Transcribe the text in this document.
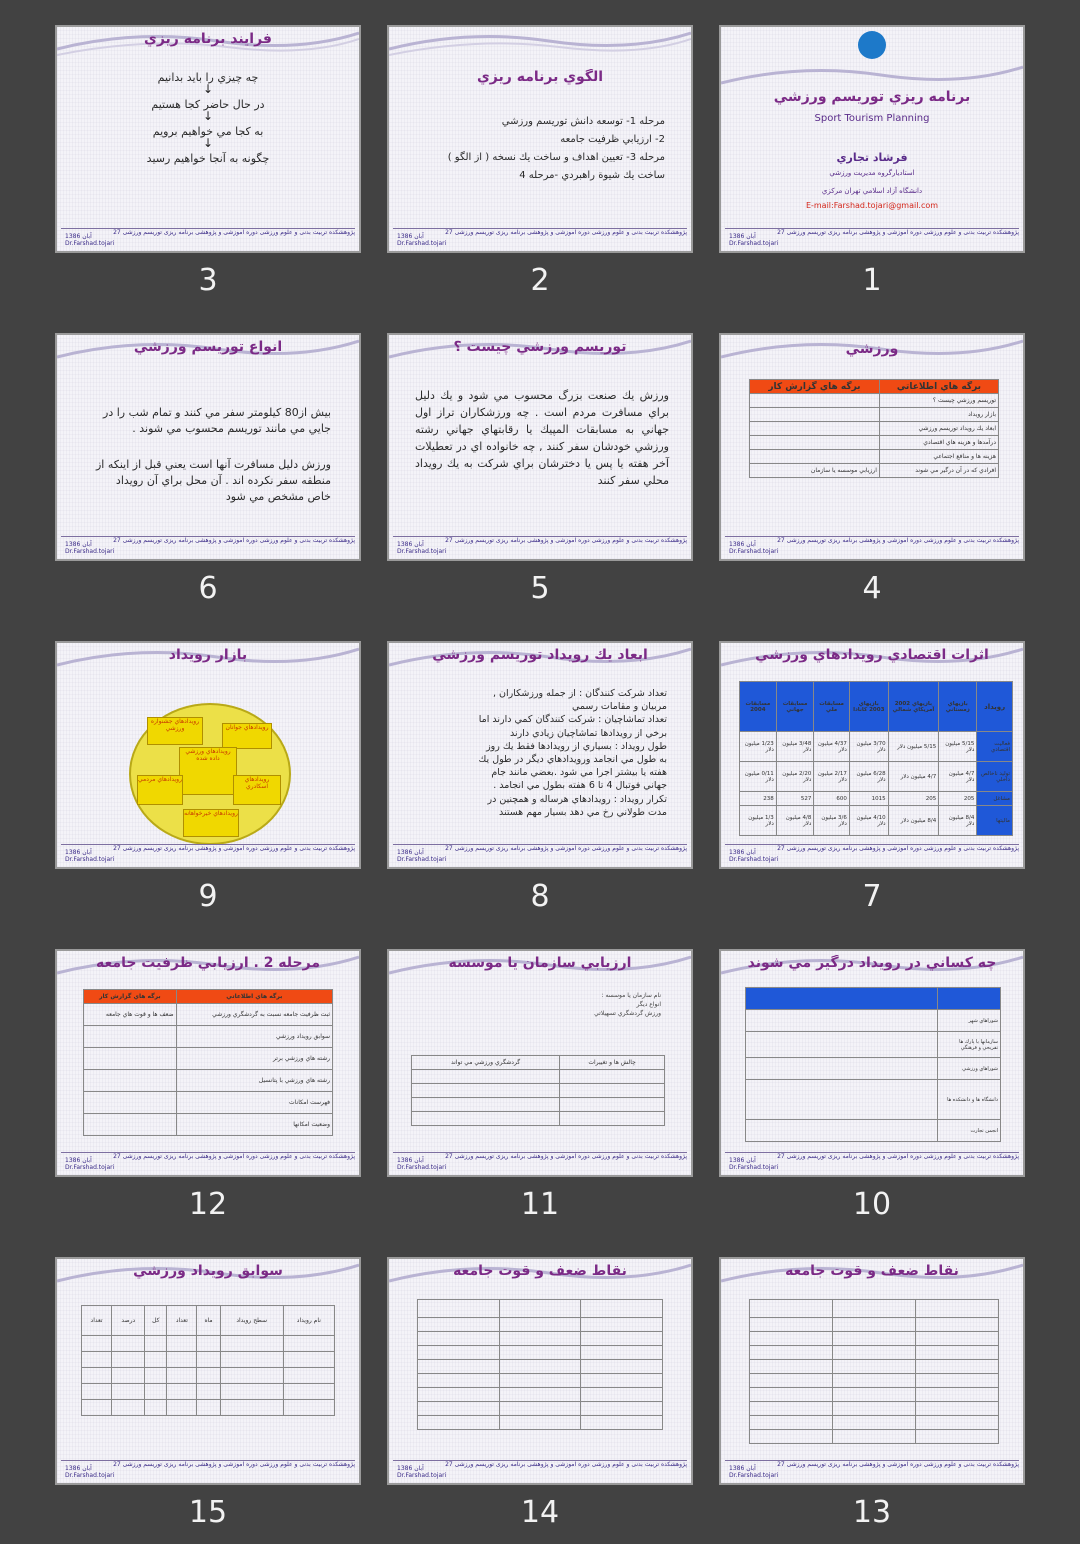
فرایند برنامه ريزي
چه چيزي را بايد بدانيم
↓
در حال حاضر كجا هستيم
↓
به كجا مي خواهيم برويم
↓
چگونه به آنجا خواهيم رسيد
پژوهشکده تربیت بدنی و علوم ورزشی دوره آموزشی و پژوهشی برنامه ریزی توریسم ورزشی 27
1386 آبان
Dr.Farshad.tojari
3
الگوي برنامه ريزي
مرحله 1- توسعه دانش توريسم ورزشي
2- ارزيابي ظرفيت جامعه
مرحله 3- تعيين اهداف و ساخت يك نسخه ( از الگو )
ساخت يك شيوة راهبردي -مرحله 4
پژوهشکده تربیت بدنی و علوم ورزشی دوره آموزشی و پژوهشی برنامه ریزی توریسم ورزشی 27
1386 آبان
Dr.Farshad.tojari
2
برنامه ريزي توريسم ورزشي
Sport Tourism Planning
فرشاد تجاري
استاديارگروه مديريت ورزشي
دانشگاه آزاد اسلامي تهران مركزي
E-mail:Farshad.tojari@gmail.com
پژوهشکده تربیت بدنی و علوم ورزشی دوره آموزشی و پژوهشی برنامه ریزی توریسم ورزشی 27
1386 آبان
Dr.Farshad.tojari
1
انواع توريسم ورزشي
بيش از80 كيلومتر سفر مي كنند و تمام شب را در جايي مي مانند توريسم محسوب مي شوند .
ورزش دليل مسافرت آنها است يعني قبل از اينكه از منطقه سفر نكرده اند . آن محل براي آن رويداد خاص مشخص مي شود
پژوهشکده تربیت بدنی و علوم ورزشی دوره آموزشی و پژوهشی برنامه ریزی توریسم ورزشی 27
1386 آبان
Dr.Farshad.tojari
6
توريسم ورزشي چيست ؟
ورزش يك صنعت بزرگ محسوب مي شود و يك دليل براي مسافرت مردم است . چه ورزشكاران تراز اول جهاني به مسابقات المپيك يا رقابتهاي جهاني رشته ورزشي خودشان سفر كنند , چه خانواده اي در تعطيلات آخر هفته يا پس يا دخترشان براي شركت به يك رويداد محلي سفر كنند
پژوهشکده تربیت بدنی و علوم ورزشی دوره آموزشی و پژوهشی برنامه ریزی توریسم ورزشی 27
1386 آبان
Dr.Farshad.tojari
5
ورزشي
برگه هاي اطلاعاتي	برگه هاي گزارش كار
توريسم ورزشي چيست ؟	
بازار رويداد	
ابعاد يك رويداد توريسم ورزشي	
درآمدها و هزينه هاي اقتصادي	
هزينه ها و منافع اجتماعي	
افرادي كه در آن درگير مي شوند	ارزيابي موسسه يا سازمان
پژوهشکده تربیت بدنی و علوم ورزشی دوره آموزشی و پژوهشی برنامه ریزی توریسم ورزشی 27
1386 آبان
Dr.Farshad.tojari
4
بازار رويداد
رويدادهاي جشنواره ورزشي	رويدادهاي جوانان
رويدادهاي ورزشي داده شده
رويدادهاي مردمي	رويدادهاي اسكادري
رويدادهاي خيرخواهانه
پژوهشکده تربیت بدنی و علوم ورزشی دوره آموزشی و پژوهشی برنامه ریزی توریسم ورزشی 27
1386 آبان
Dr.Farshad.tojari
9
ابعاد يك رويداد توريسم ورزشي
تعداد شركت كنندگان : از جمله ورزشكاران ,
مربيان و مقامات رسمي
تعداد تماشاچيان : شركت كنندگان كمي دارند اما
برخي از رويدادها تماشاچيان زيادي دارند
طول رويداد : بسياري از رويدادها فقط يك روز
به طول مي انجامد ورويدادهاي ديگر در طول يك
هفته يا بيشتر اجرا مي شود .بعضي مانند جام
جهاني فوتبال 4 تا 6 هفته بطول مي انجامد .
تكرار رويداد : رويدادهاي هرساله و همچنين در
مدت طولاني رخ مي دهد بسيار مهم هستند
پژوهشکده تربیت بدنی و علوم ورزشی دوره آموزشی و پژوهشی برنامه ریزی توریسم ورزشی 27
1386 آبان
Dr.Farshad.tojari
8
اثرات اقتصادي رويدادهاي ورزشي
رويداد	بازيهاي زمستاني	بازيهاي 2002 آمريكاي شمالي	بازيهاي 2003 كانادا	مسابقات ملي	مسابقات جهاني	مسابقات 2004
فعاليت اقتصادي	5/15 ميليون دلار	5/15 ميليون دلار	3/70 ميليون دلار	4/37 ميليون دلار	3/48 ميليون دلار	1/23 ميليون دلار
توليد ناخالص داخلي	4/7 ميليون دلار	4/7 ميليون دلار	6/28 ميليون دلار	2/17 ميليون دلار	2/20 ميليون دلار	0/11 ميليون دلار
مشاغل	205	205	1015	600	527	238
ماليتها	8/4 ميليون دلار	8/4 ميليون دلار	4/10 ميليون دلار	3/6 ميليون دلار	4/8 ميليون دلار	1/3 ميليون دلار
پژوهشکده تربیت بدنی و علوم ورزشی دوره آموزشی و پژوهشی برنامه ریزی توریسم ورزشی 27
1386 آبان
Dr.Farshad.tojari
7
مرحله 2 . ارزيابي ظرفيت جامعه
برگه هاي اطلاعاتي	برگه هاي گزارش كار
ثبت ظرفيت جامعه نسبت به گردشگري ورزشي	ضعف ها و قوت هاي جامعه
سوابق رويداد ورزشي	
رشته هاي ورزشي برتر	
رشته هاي ورزشي با پتانسيل	
فهرست امكانات	
وضعيت امكانها	
پژوهشکده تربیت بدنی و علوم ورزشی دوره آموزشی و پژوهشی برنامه ریزی توریسم ورزشی 27
1386 آبان
Dr.Farshad.tojari
12
ارزيابي سازمان يا موسسه
نام سازمان يا موسسه :
انواع ديگر
ورزش گردشگري تسهيلاتي
چالش ها و تغييرات	گردشگري ورزشي مي تواند

پژوهشکده تربیت بدنی و علوم ورزشی دوره آموزشی و پژوهشی برنامه ریزی توریسم ورزشی 27
1386 آبان
Dr.Farshad.tojari
11
چه كساني در رويداد درگير مي شوند

شوراهاي شهر	

سازمانها يا پارك ها
تفريحي و فرهنگي	

شوراهاي ورزشي	
دانشگاه ها و دانشكده ها	
انجمن تجارت	
پژوهشکده تربیت بدنی و علوم ورزشی دوره آموزشی و پژوهشی برنامه ریزی توریسم ورزشی 27
1386 آبان
Dr.Farshad.tojari
10
سوابق رويداد ورزشي
نام رويداد	سطح رويداد	ماه	تعداد	كل	درصد	تعداد

پژوهشکده تربیت بدنی و علوم ورزشی دوره آموزشی و پژوهشی برنامه ریزی توریسم ورزشی 27
1386 آبان
Dr.Farshad.tojari
15
نقاط ضعف و قوت جامعه

پژوهشکده تربیت بدنی و علوم ورزشی دوره آموزشی و پژوهشی برنامه ریزی توریسم ورزشی 27
1386 آبان
Dr.Farshad.tojari
14
نقاط ضعف و قوت جامعه

پژوهشکده تربیت بدنی و علوم ورزشی دوره آموزشی و پژوهشی برنامه ریزی توریسم ورزشی 27
1386 آبان
Dr.Farshad.tojari
13
